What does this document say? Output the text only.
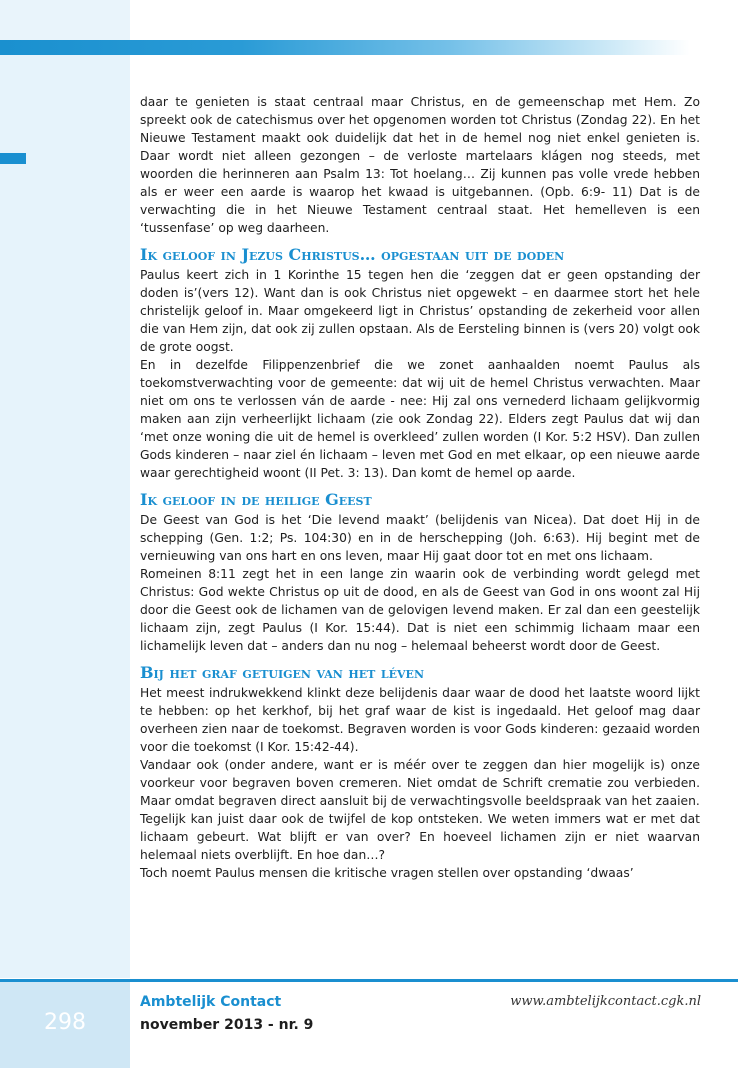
daar te genieten is staat centraal maar Christus, en de gemeenschap met Hem. Zo spreekt ook de catechismus over het opgenomen worden tot Christus (Zondag 22). En het Nieuwe Testament maakt ook duidelijk dat het in de hemel nog niet enkel genieten is. Daar wordt niet alleen gezongen – de verloste martelaars klágen nog steeds, met woorden die herinneren aan Psalm 13: Tot hoelang… Zij kunnen pas volle vrede hebben als er weer een aarde is waarop het kwaad is uitgebannen. (Opb. 6:9- 11) Dat is de verwachting die in het Nieuwe Testament centraal staat. Het hemelleven is een ‘tussenfase’ op weg daarheen.

Ik geloof in Jezus Christus… opgestaan uit de doden

Paulus keert zich in 1 Korinthe 15 tegen hen die ‘zeggen dat er geen opstanding der doden is’(vers 12). Want dan is ook Christus niet opgewekt – en daarmee stort het hele christelijk geloof in. Maar omgekeerd ligt in Christus’ opstanding de zekerheid voor allen die van Hem zijn, dat ook zij zullen opstaan. Als de Eersteling binnen is (vers 20) volgt ook de grote oogst.

En in dezelfde Filippenzenbrief die we zonet aanhaalden noemt Paulus als toekomstverwachting voor de gemeente: dat wij uit de hemel Christus verwachten. Maar niet om ons te verlossen ván de aarde - nee: Hij zal ons vernederd lichaam gelijkvormig maken aan zijn verheerlijkt lichaam (zie ook Zondag 22). Elders zegt Paulus dat wij dan ‘met onze woning die uit de hemel is overkleed’ zullen worden (I Kor. 5:2 HSV). Dan zullen Gods kinderen – naar ziel én lichaam – leven met God en met elkaar, op een nieuwe aarde waar gerechtigheid woont (II Pet. 3: 13). Dan komt de hemel op aarde.

Ik geloof in de heilige Geest

De Geest van God is het ‘Die levend maakt’ (belijdenis van Nicea). Dat doet Hij in de schepping (Gen. 1:2; Ps. 104:30) en in de herschepping (Joh. 6:63). Hij begint met de vernieuwing van ons hart en ons leven, maar Hij gaat door tot en met ons lichaam.

Romeinen 8:11 zegt het in een lange zin waarin ook de verbinding wordt gelegd met Christus: God wekte Christus op uit de dood, en als de Geest van God in ons woont zal Hij door die Geest ook de lichamen van de gelovigen levend maken. Er zal dan een geestelijk lichaam zijn, zegt Paulus (I Kor. 15:44). Dat is niet een schimmig lichaam maar een lichamelijk leven dat – anders dan nu nog – helemaal beheerst wordt door de Geest.

Bij het graf getuigen van het léven

Het meest indrukwekkend klinkt deze belijdenis daar waar de dood het laatste woord lijkt te hebben: op het kerkhof, bij het graf waar de kist is ingedaald. Het geloof mag daar overheen zien naar de toekomst. Begraven worden is voor Gods kinderen: gezaaid worden voor die toekomst (I Kor. 15:42-44).

Vandaar ook (onder andere, want er is méér over te zeggen dan hier mogelijk is) onze voorkeur voor begraven boven cremeren. Niet omdat de Schrift crematie zou verbieden. Maar omdat begraven direct aansluit bij de verwachtingsvolle beeldspraak van het zaaien.

Tegelijk kan juist daar ook de twijfel de kop ontsteken. We weten immers wat er met dat lichaam gebeurt. Wat blijft er van over? En hoeveel lichamen zijn er niet waarvan helemaal niets overblijft. En hoe dan…?

Toch noemt Paulus mensen die kritische vragen stellen over opstanding ‘dwaas’

298
Ambtelijk Contact
november 2013 - nr. 9
www.ambtelijkcontact.cgk.nl
